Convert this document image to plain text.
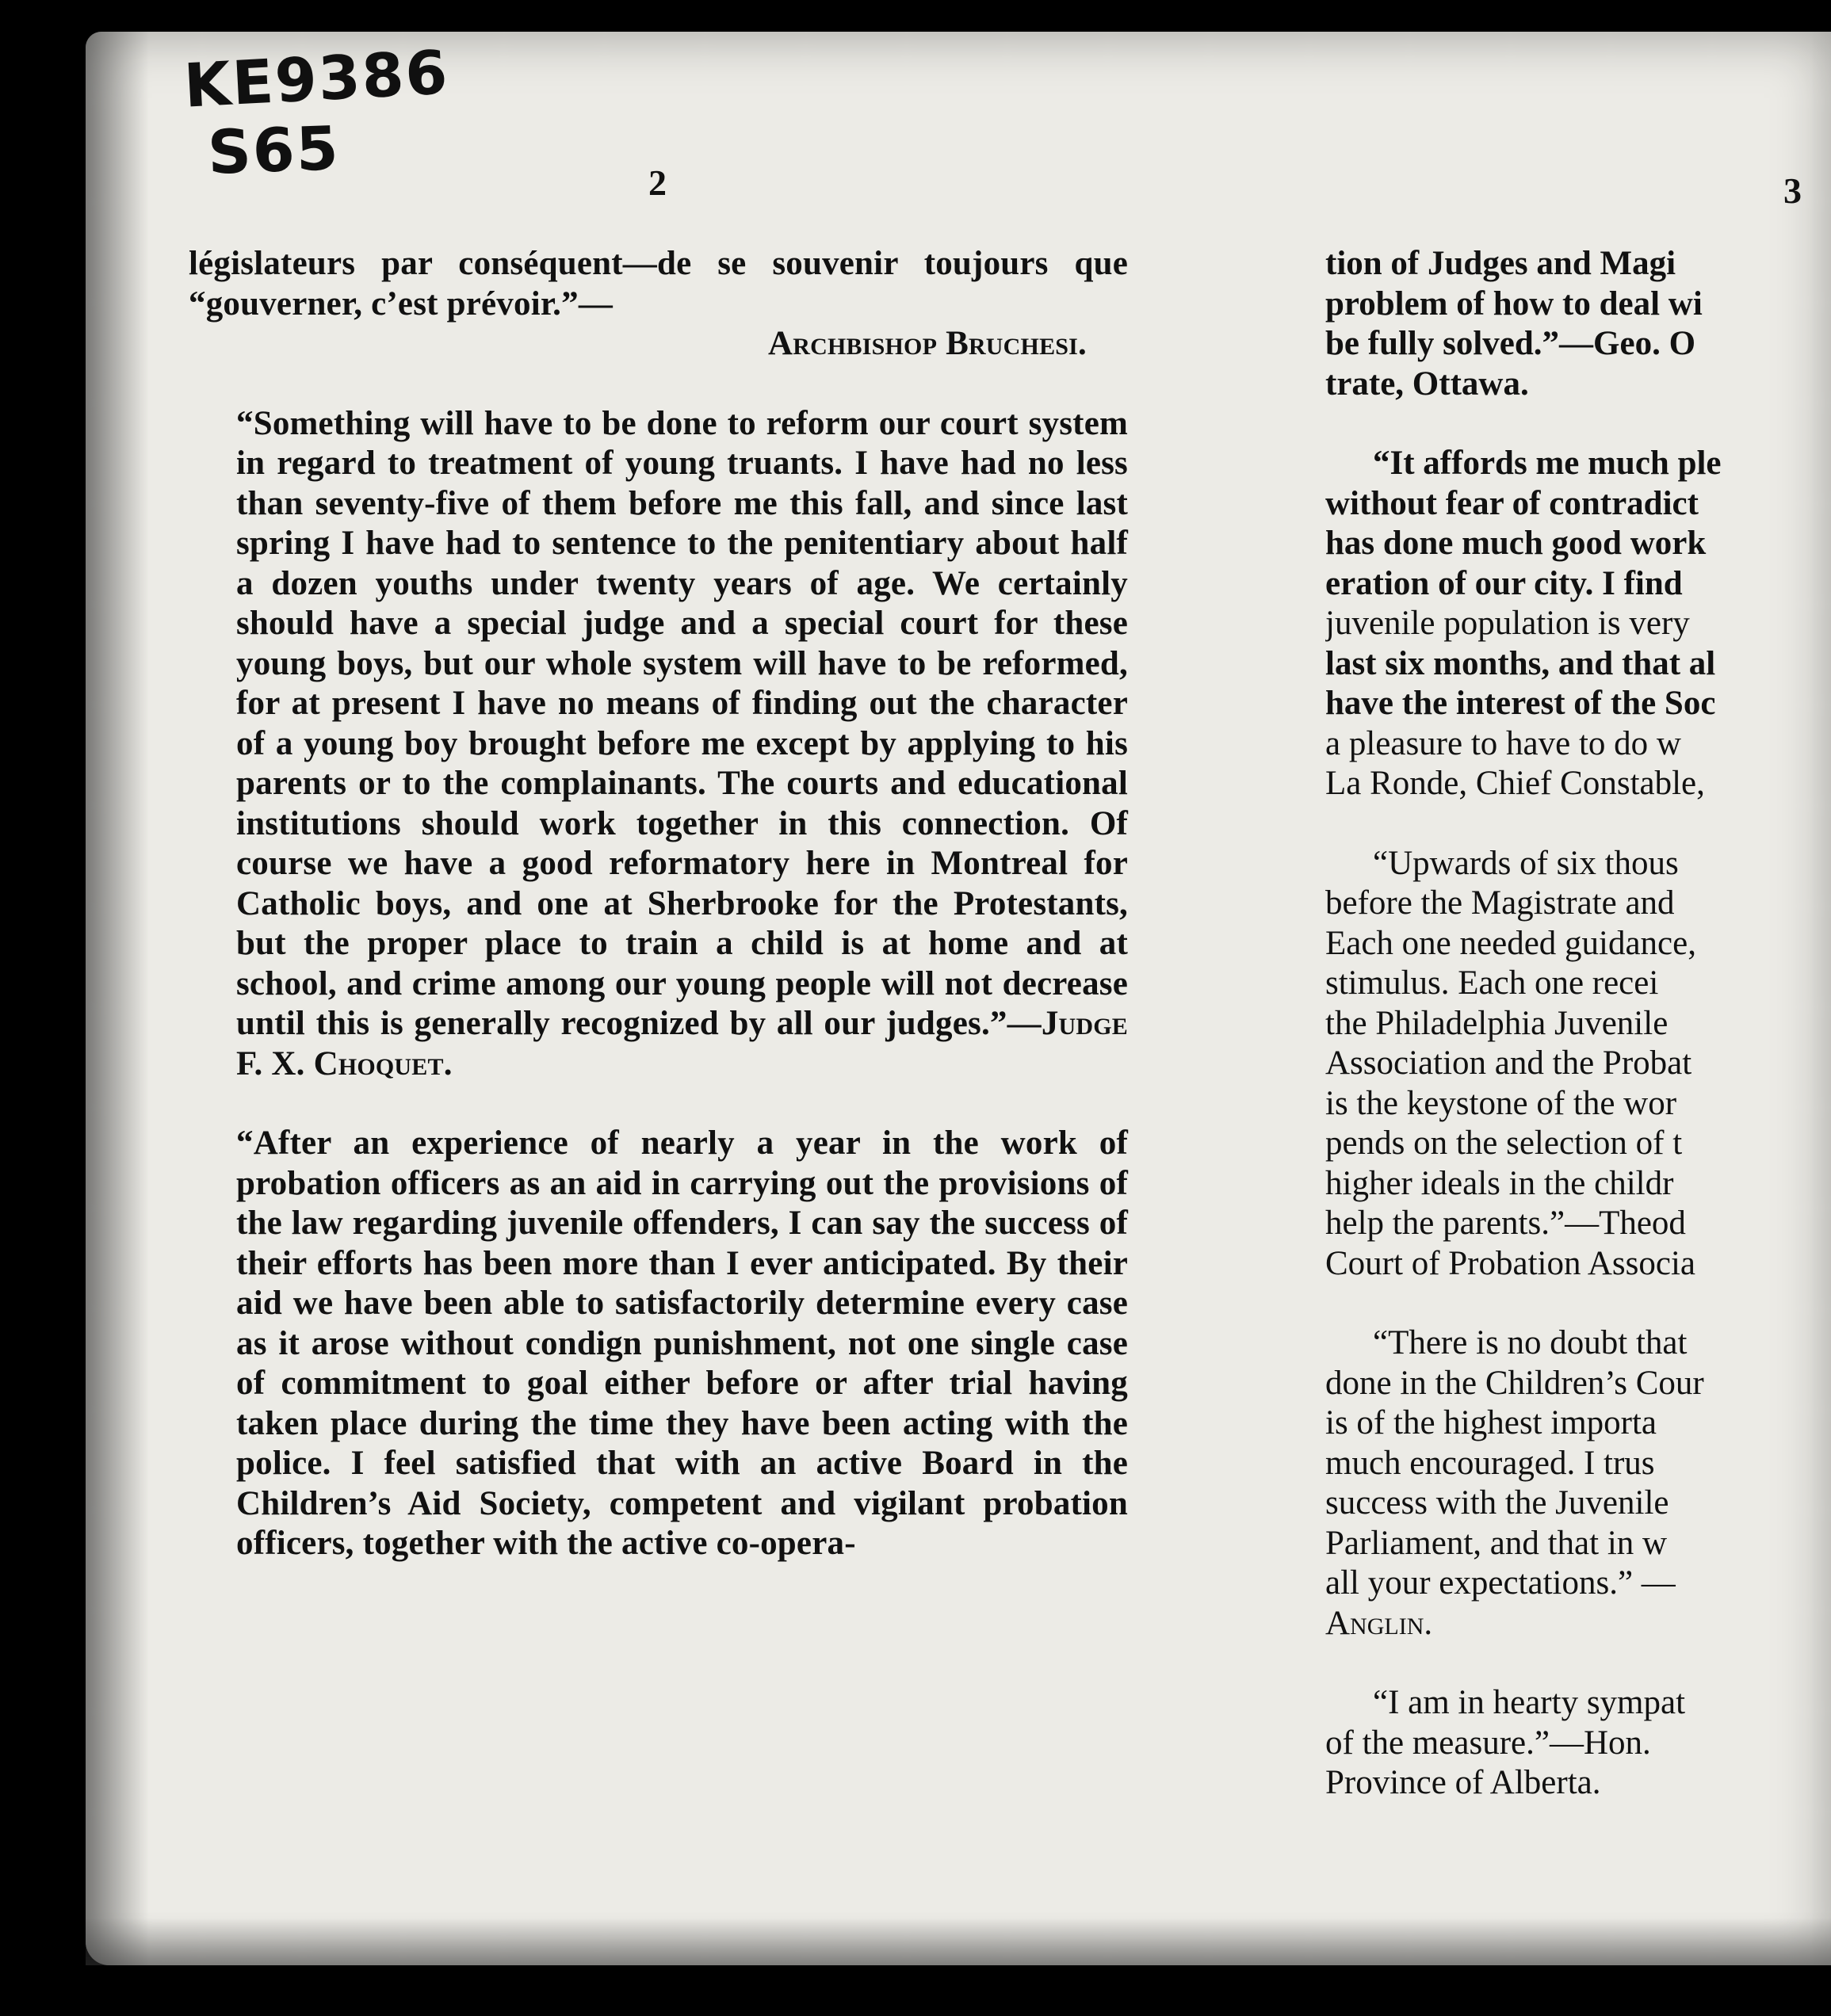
KE9386
S65	2	3

législateurs par conséquent—de se souvenir toujours que “gouverner, c’est prévoir.”—
Archbishop Bruchesi.

“Something will have to be done to reform our court system in regard to treatment of young truants. I have had no less than seventy-five of them before me this fall, and since last spring I have had to sentence to the penitentiary about half a dozen youths under twenty years of age. We certainly should have a special judge and a special court for these young boys, but our whole system will have to be reformed, for at present I have no means of finding out the character of a young boy brought before me except by applying to his parents or to the complainants. The courts and educational institutions should work together in this connection. Of course we have a good reformatory here in Montreal for Catholic boys, and one at Sherbrooke for the Protestants, but the proper place to train a child is at home and at school, and crime among our young people will not decrease until this is generally recognized by all our judges.”—Judge F. X. Choquet.

“After an experience of nearly a year in the work of probation officers as an aid in carrying out the provisions of the law regarding juvenile offenders, I can say the success of their efforts has been more than I ever anticipated. By their aid we have been able to satisfactorily determine every case as it arose without condign punishment, not one single case of commitment to goal either before or after trial having taken place during the time they have been acting with the police. I feel satisfied that with an active Board in the Children’s Aid Society, competent and vigilant probation officers, together with the active co-opera-

tion of Judges and Magi
problem of how to deal wi
be fully solved.”—Geo. O
trate, Ottawa.
“It affords me much ple
without fear of contradict
has done much good work
eration of our city. I find
juvenile population is very
last six months, and that al
have the interest of the Soc
a pleasure to have to do w
La Ronde, Chief Constable,
“Upwards of six thous
before the Magistrate and
Each one needed guidance,
stimulus. Each one recei
the Philadelphia Juvenile
Association and the Probat
is the keystone of the wor
pends on the selection of t
higher ideals in the childr
help the parents.”—Theod
Court of Probation Associa
“There is no doubt that
done in the Children’s Cour
is of the highest importa
much encouraged. I trus
success with the Juvenile
Parliament, and that in w
all your expectations.” —
Anglin.
“I am in hearty sympat
of the measure.”—Hon.
Province of Alberta.
